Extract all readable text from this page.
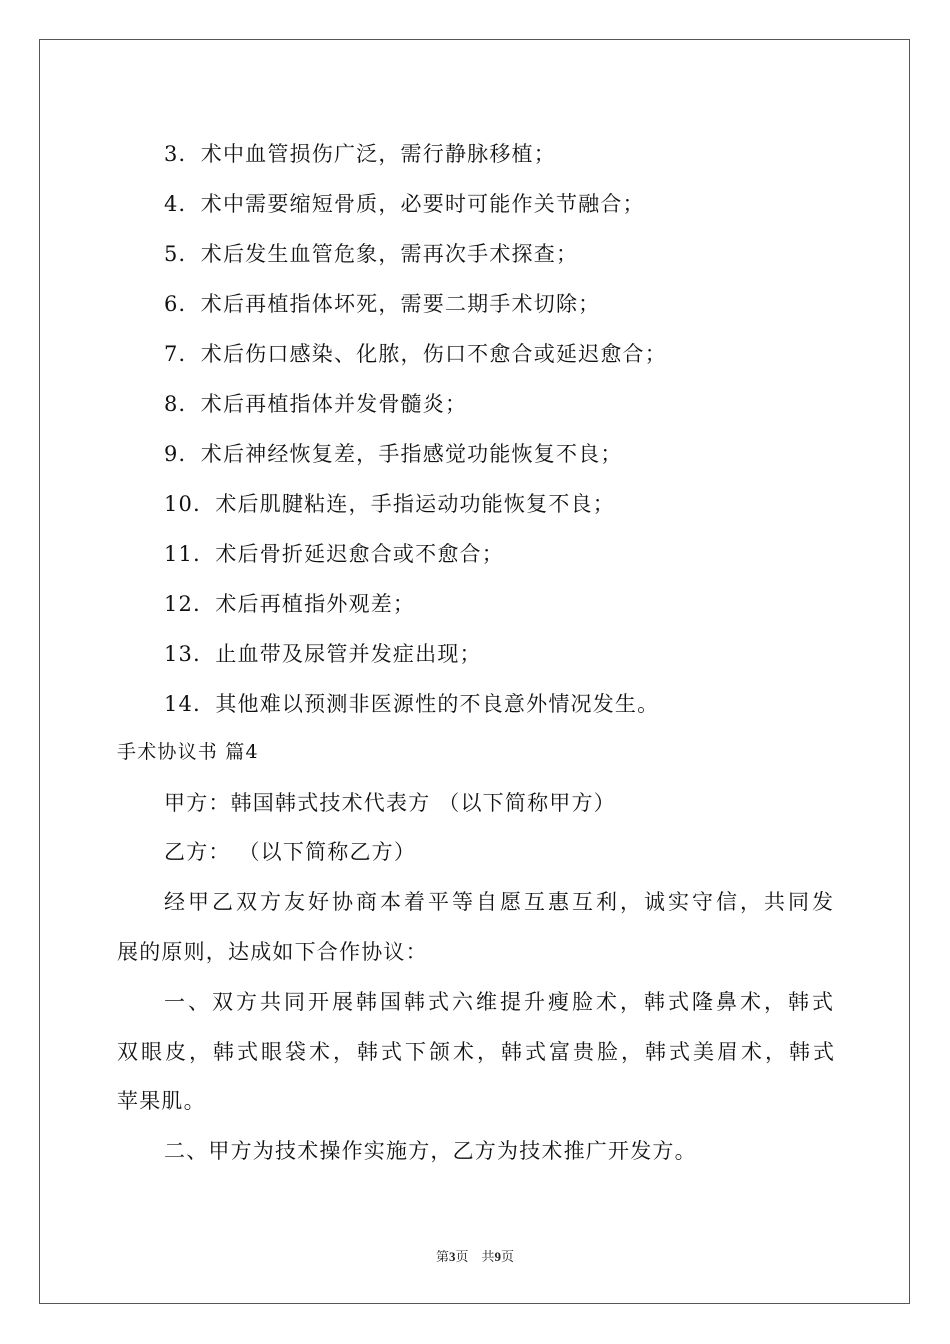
3．术中血管损伤广泛，需行静脉移植；
4．术中需要缩短骨质，必要时可能作关节融合；
5．术后发生血管危象，需再次手术探查；
6．术后再植指体坏死，需要二期手术切除；
7．术后伤口感染、化脓，伤口不愈合或延迟愈合；
8．术后再植指体并发骨髓炎；
9．术后神经恢复差，手指感觉功能恢复不良；
10．术后肌腱粘连，手指运动功能恢复不良；
11．术后骨折延迟愈合或不愈合；
12．术后再植指外观差；
13．止血带及尿管并发症出现；
14．其他难以预测非医源性的不良意外情况发生。
手术协议书 篇4
甲方：韩国韩式技术代表方 （以下简称甲方）
乙方： （以下简称乙方）
经甲乙双方友好协商本着平等自愿互惠互利，诚实守信，共同发
展的原则，达成如下合作协议：
一、双方共同开展韩国韩式六维提升瘦脸术，韩式隆鼻术，韩式
双眼皮，韩式眼袋术，韩式下颌术，韩式富贵脸，韩式美眉术，韩式
苹果肌。
二、甲方为技术操作实施方，乙方为技术推广开发方。
第3页　共9页
